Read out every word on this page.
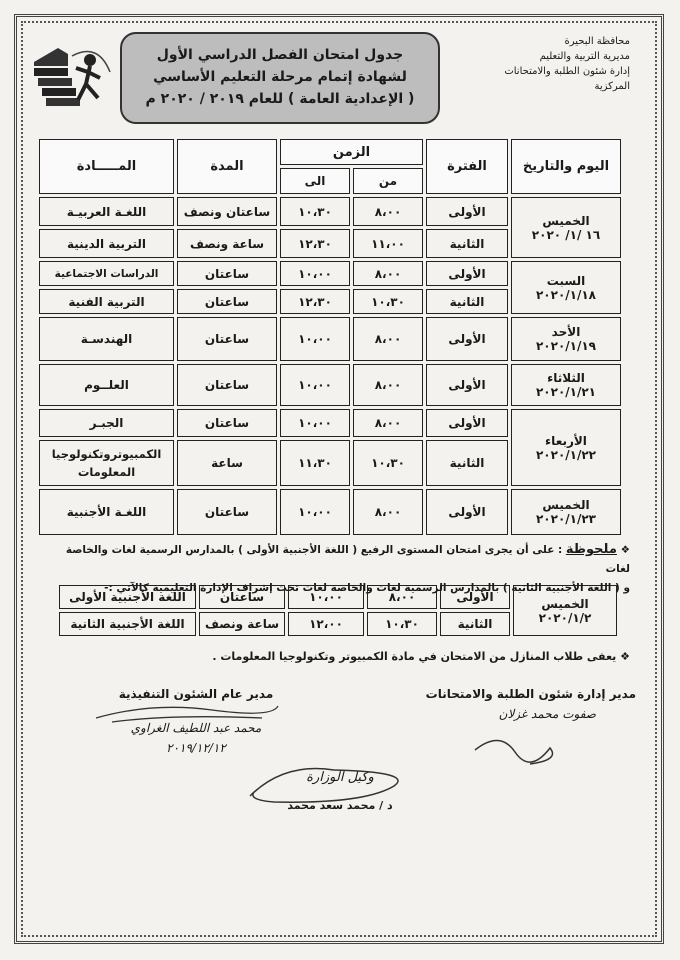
جدول امتحان الفصل الدراسي الأول
لشهادة إتمام مرحلة التعليم الأساسي
( الإعدادية العامة ) للعام ٢٠١٩ / ٢٠٢٠ م
محافظة البحيرة
مديرية التربية والتعليم
إدارة شئون الطلبة والامتحانات
المركزية
اليوم والتاريخ	الفترة	الزمن		المدة	المـــــادة
		من	الى		

الخميس
١٦ /١/ ٢٠٢٠	الأولى	٨،٠٠	١٠،٣٠	ساعتان ونصف	اللغـة العربيـة
	الثانية	١١،٠٠	١٢،٣٠	ساعة ونصف	التربية الدينية

السبت
٢٠٢٠/١/١٨	الأولى	٨،٠٠	١٠،٠٠	ساعتان	الدراسات الاجتماعية
	الثانية	١٠،٣٠	١٢،٣٠	ساعتان	التربية الفنية

الأحد
٢٠٢٠/١/١٩	الأولى	٨،٠٠	١٠،٠٠	ساعتان	الهندسـة

الثلاثاء
٢٠٢٠/١/٢١	الأولى	٨،٠٠	١٠،٠٠	ساعتان	العلــوم

الأربعاء
٢٠٢٠/١/٢٢	الأولى	٨،٠٠	١٠،٠٠	ساعتان	الجبـر
	الثانية	١٠،٣٠	١١،٣٠	ساعة	الكمبيوتروتكنولوجيا المعلومات

الخميس
٢٠٢٠/١/٢٣	الأولى	٨،٠٠	١٠،٠٠	ساعتان	اللغـة الأجنبية
❖ ملحوظة : على أن يجرى امتحان المستوى الرفيع ( اللغة الأجنبية الأولى ) بالمدارس الرسمية لغات والخاصة لغات
و ( اللغة الأجنبية الثانية ) بالمدارس الرسمية لغات والخاصة لغات تحت إشراف الإدارة التعليمية كالآتي :-
الخميس
٢٠٢٠/١/٢	الأولى	٨،٠٠	١٠،٠٠	ساعتان	اللغة الأجنبية الأولى
	الثانية	١٠،٣٠	١٢،٠٠	ساعة ونصف	اللغة الأجنبية الثانية
❖ يعفى طلاب المنازل من الامتحان في مادة الكمبيوتر وتكنولوجيا المعلومات .
مدير إدارة شئون الطلبة والامتحانات
صفوت محمد غزلان
مدير عام الشئون التنفيذية
محمد عبد اللطيف الغراوي
٢٠١٩/١٢/١٢
وكيل الوزارة
د / محمد سعد محمد
